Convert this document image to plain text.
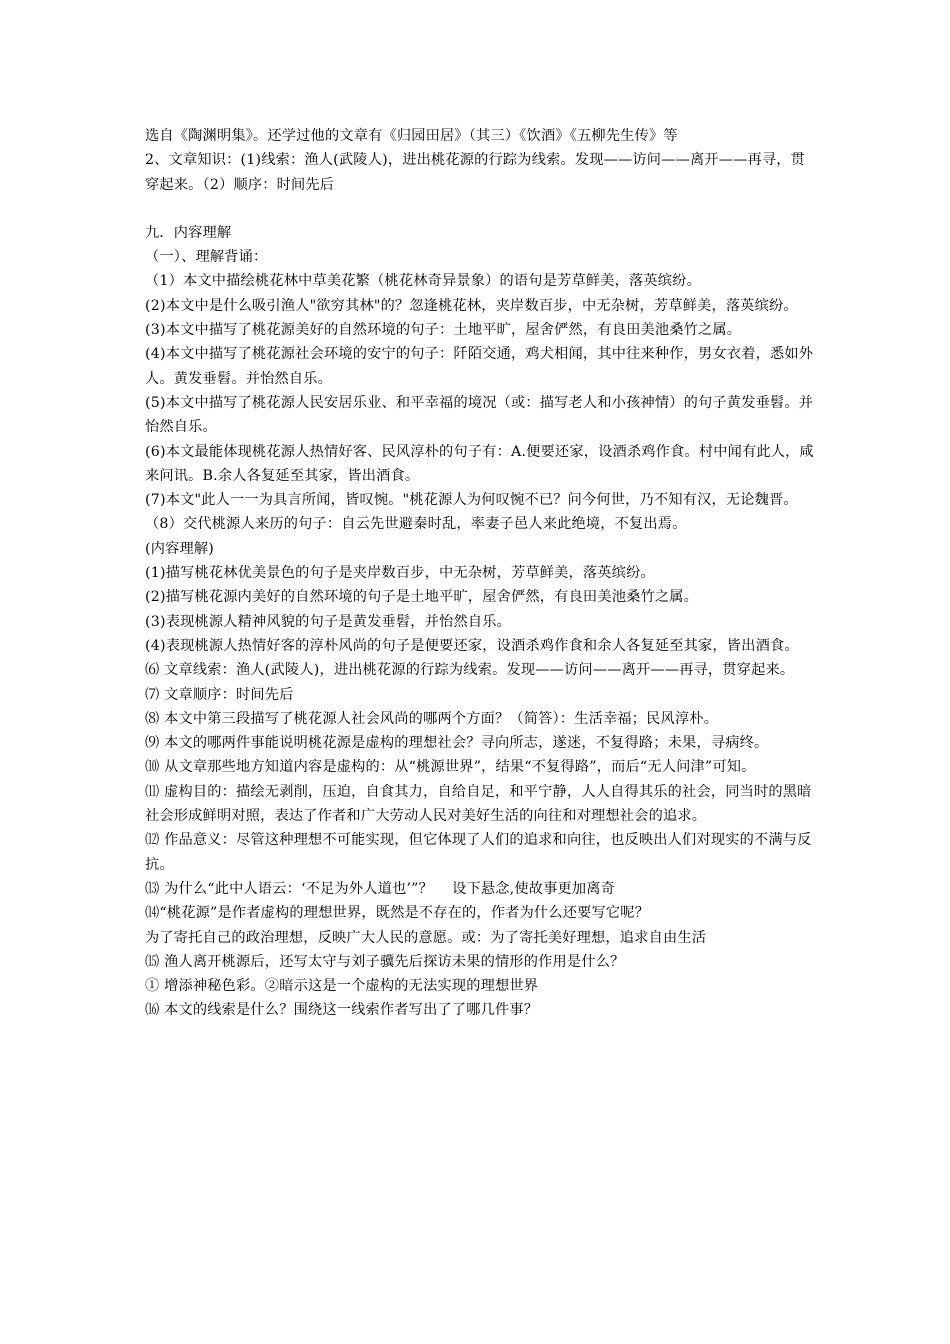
选自《陶渊明集》。还学过他的文章有《归园田居》（其三）《饮酒》《五柳先生传》等

2、文章知识：(1)线索：渔人(武陵人)，进出桃花源的行踪为线索。发现——访问——离开——再寻，贯穿起来。（2）顺序：时间先后

九．内容理解

（一）、理解背诵：

（1）本文中描绘桃花林中草美花繁（桃花林奇异景象）的语句是芳草鲜美，落英缤纷。

(2)本文中是什么吸引渔人"欲穷其林"的？忽逢桃花林，夹岸数百步，中无杂树，芳草鲜美，落英缤纷。

(3)本文中描写了桃花源美好的自然环境的句子：土地平旷，屋舍俨然，有良田美池桑竹之属。

(4)本文中描写了桃花源社会环境的安宁的句子：阡陌交通，鸡犬相闻，其中往来种作，男女衣着，悉如外人。黄发垂髫。并怡然自乐。

(5)本文中描写了桃花源人民安居乐业、和平幸福的境况（或：描写老人和小孩神情）的句子黄发垂髫。并怡然自乐。

(6)本文最能体现桃花源人热情好客、民风淳朴的句子有：A.便要还家，设酒杀鸡作食。村中闻有此人，咸来问讯。B.余人各复延至其家，皆出酒食。

(7)本文"此人一一为具言所闻，皆叹惋。"桃花源人为何叹惋不已？问今何世，乃不知有汉，无论魏晋。

（8）交代桃源人来历的句子：自云先世避秦时乱，率妻子邑人来此绝境，不复出焉。

(内容理解)

(1)描写桃花林优美景色的句子是夹岸数百步，中无杂树，芳草鲜美，落英缤纷。

(2)描写桃花源内美好的自然环境的句子是土地平旷，屋舍俨然，有良田美池桑竹之属。

(3)表现桃源人精神风貌的句子是黄发垂髫，并怡然自乐。

(4)表现桃源人热情好客的淳朴风尚的句子是便要还家，设酒杀鸡作食和余人各复延至其家，皆出酒食。

⑹ 文章线索：渔人(武陵人)，进出桃花源的行踪为线索。发现——访问——离开——再寻，贯穿起来。

⑺ 文章顺序：时间先后

⑻ 本文中第三段描写了桃花源人社会风尚的哪两个方面？（简答）：生活幸福；民风淳朴。

⑼ 本文的哪两件事能说明桃花源是虚构的理想社会？寻向所志，遂迷，不复得路；未果，寻病终。

⑽ 从文章那些地方知道内容是虚构的：从“桃源世界”，结果“不复得路”，而后“无人问津”可知。

⑾ 虚构目的：描绘无剥削，压迫，自食其力，自给自足，和平宁静，人人自得其乐的社会，同当时的黑暗社会形成鲜明对照，表达了作者和广大劳动人民对美好生活的向往和对理想社会的追求。

⑿ 作品意义：尽管这种理想不可能实现，但它体现了人们的追求和向往，也反映出人们对现实的不满与反抗。

⒀ 为什么“此中人语云：‘不足为外人道也’”？　 设下悬念,使故事更加离奇

⒁“桃花源”是作者虚构的理想世界，既然是不存在的，作者为什么还要写它呢？

为了寄托自己的政治理想，反映广大人民的意愿。或：为了寄托美好理想，追求自由生活

⒂ 渔人离开桃源后，还写太守与刘子骥先后探访未果的情形的作用是什么？

① 增添神秘色彩。②暗示这是一个虚构的无法实现的理想世界

⒃ 本文的线索是什么？围绕这一线索作者写出了了哪几件事？
